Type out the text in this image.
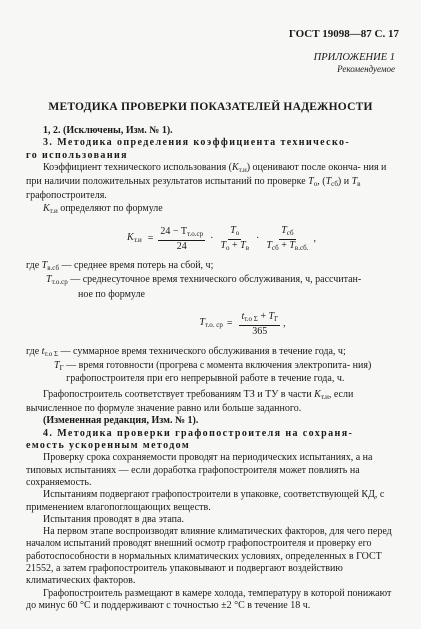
ГОСТ 19098—87 С. 17
ПРИЛОЖЕНИЕ 1
Рекомендуемое
МЕТОДИКА ПРОВЕРКИ ПОКАЗАТЕЛЕЙ НАДЕЖНОСТИ

1, 2. (Исключены, Изм. № 1).

3. Методика определения коэффициента техническо-

го использования

Коэффициент технического использования $(K_{т.и})$ оценивают после оконча- ния и при наличии положительных результатов испытаний по проверке $T_o$, $(T_{сб})$ и $T_в$ графопостроителя.

$K_{т.и}$ определяют по формуле

$K_{т.и} = \frac{24 - T_{т.о.ср}}{24} \cdot \frac{T_о}{T_о + T_в} \cdot \frac{T_{сб}}{T_{сб} + T_{в.сб.}}$ ,

где $T_{в.сб}$ — среднее время потерь на сбой, ч;

$T_{т.о.ср}$ — среднесуточное время технического обслуживания, ч, рассчитан-

ное по формуле

$T_{т.о. ср} = \frac{t_{т.о \Sigma} + T_Г}{365}$ ,
где $t_{т.о \Sigma}$ — суммарное время технического обслуживания в течение года, ч;
$T_Г$ — время готовности (прогрева с момента включения электропита- ния) графопостроителя при его непрерывной работе в течение года, ч.

Графопостроитель соответствует требованиям ТЗ и ТУ в части $K_{т.и}$, если вычисленное по формуле значение равно или больше заданного.

(Измененная редакция, Изм. № 1).

4. Методика проверки графопостроителя на сохраня-

емость ускоренным методом

Проверку срока сохраняемости проводят на периодических испытаниях, а на типовых испытаниях — если доработка графопостроителя может повлиять на сохраняемость.

Испытаниям подвергают графопостроители в упаковке, соответствующей КД, с применением влагопоглощающих веществ.

Испытания проводят в два этапа.

На первом этапе воспроизводят влияние климатических факторов, для чего перед началом испытаний проводят внешний осмотр графопостроителя и проверку его работоспособности в нормальных климатических условиях, определенных в ГОСТ 21552, а затем графопостроитель упаковывают и подвергают воздействию климатических факторов.

Графопостроитель размещают в камере холода, температуру в которой понижают до минус 60 °С и поддерживают с точностью ±2 °С в течение 18 ч.
